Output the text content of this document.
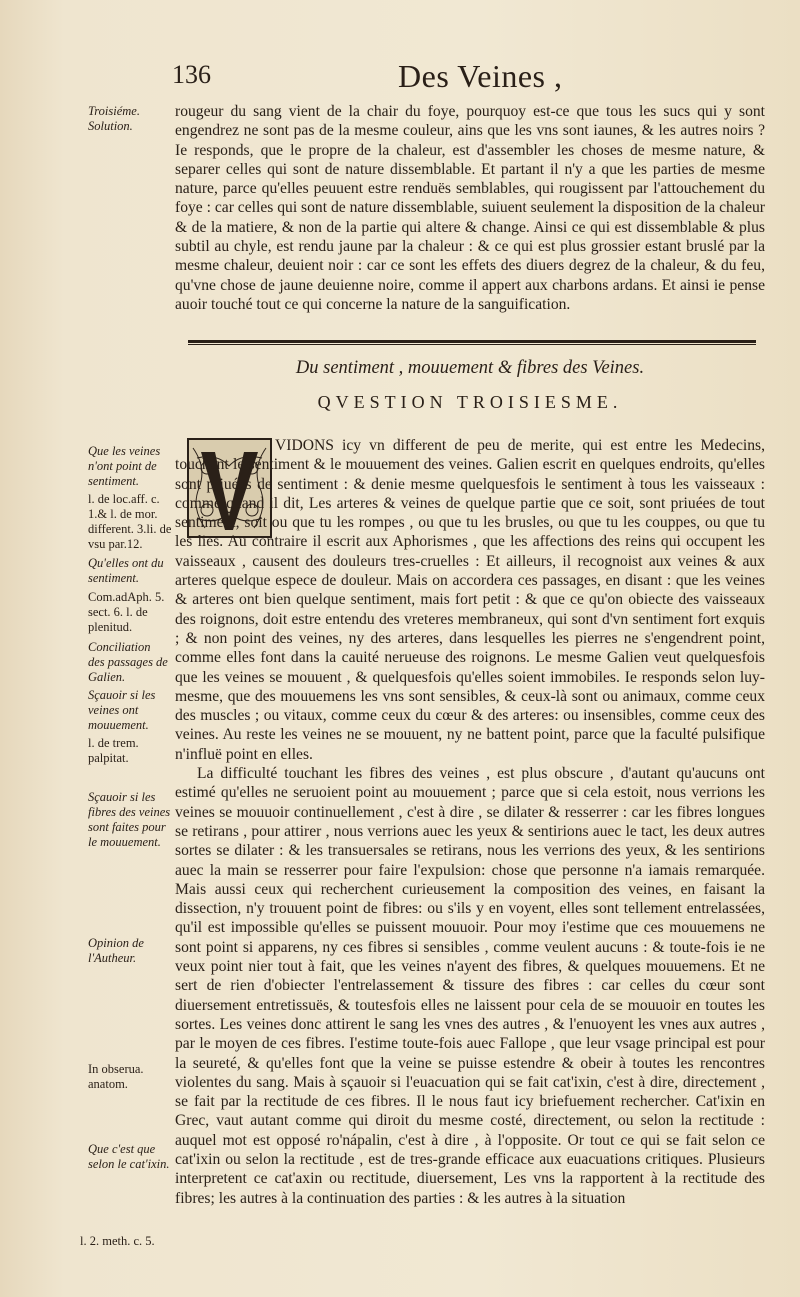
136	Des Veines ,
Troisiéme. Solution.
Que les veines n'ont point de sentiment.
l. de loc.aff. c. 1.& l. de mor. different. 3.li. de vsu par.12.
Qu'elles ont du sentiment.
Com.adAph. 5. sect. 6. l. de plenitud.
Conciliation des passages de Galien.
Sçauoir si les veines ont mouuement.
l. de trem. palpitat.
Sçauoir si les fibres des veines sont faites pour le mouuement.
Opinion de l'Autheur.
In obserua. anatom.
Que c'est que selon le cat'ixin.
l. 2. meth. c. 5.

rougeur du sang vient de la chair du foye, pourquoy est-ce que tous les sucs qui y sont engendrez ne sont pas de la mesme couleur, ains que les vns sont iaunes, & les autres noirs ? Ie responds, que le propre de la chaleur, est d'assembler les choses de mesme nature, & separer celles qui sont de nature dissemblable. Et partant il n'y a que les parties de mesme nature, parce qu'elles peuuent estre renduës semblables, qui rougissent par l'attouchement du foye : car celles qui sont de nature dissemblable, suiuent seulement la disposition de la chaleur & de la matiere, & non de la partie qui altere & change. Ainsi ce qui est dissemblable & plus subtil au chyle, est rendu jaune par la chaleur : & ce qui est plus grossier estant bruslé par la mesme chaleur, deuient noir : car ce sont les effets des diuers degrez de la chaleur, & du feu, qu'vne chose de jaune deuienne noire, comme il appert aux charbons ardans. Et ainsi ie pense auoir touché tout ce qui concerne la nature de la sanguification.

Du sentiment , mouuement & fibres des Veines.
QVESTION TROISIESME.

VIDONS icy vn different de peu de merite, qui est entre les Medecins, touchant le sentiment & le mouuement des veines. Galien escrit en quelques endroits, qu'elles sont priuées de sentiment : & denie mesme quelquesfois le sentiment à tous les vaisseaux : comme quand il dit, Les arteres & veines de quelque partie que ce soit, sont priuées de tout sentiment, soit ou que tu les rompes , ou que tu les brusles, ou que tu les couppes, ou que tu les lies. Au contraire il escrit aux Aphorismes , que les affections des reins qui occupent les vaisseaux , causent des douleurs tres-cruelles : Et ailleurs, il recognoist aux veines & aux arteres quelque espece de douleur. Mais on accordera ces passages, en disant : que les veines & arteres ont bien quelque sentiment, mais fort petit : & que ce qu'on obiecte des vaisseaux des roignons, doit estre entendu des vreteres membraneux, qui sont d'vn sentiment fort exquis ; & non point des veines, ny des arteres, dans lesquelles les pierres ne s'engendrent point, comme elles font dans la cauité nerueuse des roignons. Le mesme Galien veut quelquesfois que les veines se mouuent , & quelquesfois qu'elles soient immobiles. Ie responds selon luy-mesme, que des mouuemens les vns sont sensibles, & ceux-là sont ou animaux, comme ceux des muscles ; ou vitaux, comme ceux du cœur & des arteres: ou insensibles, comme ceux des veines. Au reste les veines ne se mouuent, ny ne battent point, parce que la faculté pulsifique n'influë point en elles.

La difficulté touchant les fibres des veines , est plus obscure , d'autant qu'aucuns ont estimé qu'elles ne seruoient point au mouuement ; parce que si cela estoit, nous verrions les veines se mouuoir continuellement , c'est à dire , se dilater & resserrer : car les fibres longues se retirans , pour attirer , nous verrions auec les yeux & sentirions auec le tact, les deux autres sortes se dilater : & les transuersales se retirans, nous les verrions des yeux, & les sentirions auec la main se resserrer pour faire l'expulsion: chose que personne n'a iamais remarquée. Mais aussi ceux qui recherchent curieusement la composition des veines, en faisant la dissection, n'y trouuent point de fibres: ou s'ils y en voyent, elles sont tellement entrelassées, qu'il est impossible qu'elles se puissent mouuoir. Pour moy i'estime que ces mouuemens ne sont point si apparens, ny ces fibres si sensibles , comme veulent aucuns : & toute-fois ie ne veux point nier tout à fait, que les veines n'ayent des fibres, & quelques mouuemens. Et ne sert de rien d'obiecter l'entrelassement & tissure des fibres : car celles du cœur sont diuersement entretissuës, & toutesfois elles ne laissent pour cela de se mouuoir en toutes les sortes. Les veines donc attirent le sang les vnes des autres , & l'enuoyent les vnes aux autres , par le moyen de ces fibres. I'estime toute-fois auec Fallope , que leur vsage principal est pour la seureté, & qu'elles font que la veine se puisse estendre & obeir à toutes les rencontres violentes du sang. Mais à sçauoir si l'euacuation qui se fait cat'ixin, c'est à dire, directement , se fait par la rectitude de ces fibres. Il le nous faut icy briefuement rechercher. Cat'ixin en Grec, vaut autant comme qui diroit du mesme costé, directement, ou selon la rectitude : auquel mot est opposé ro'nápalin, c'est à dire , à l'opposite. Or tout ce qui se fait selon ce cat'ixin ou selon la rectitude , est de tres-grande efficace aux euacuations critiques. Plusieurs interpretent ce cat'axin ou rectitude, diuersement, Les vns la rapportent à la rectitude des fibres; les autres à la continuation des parties : & les autres à la situation
